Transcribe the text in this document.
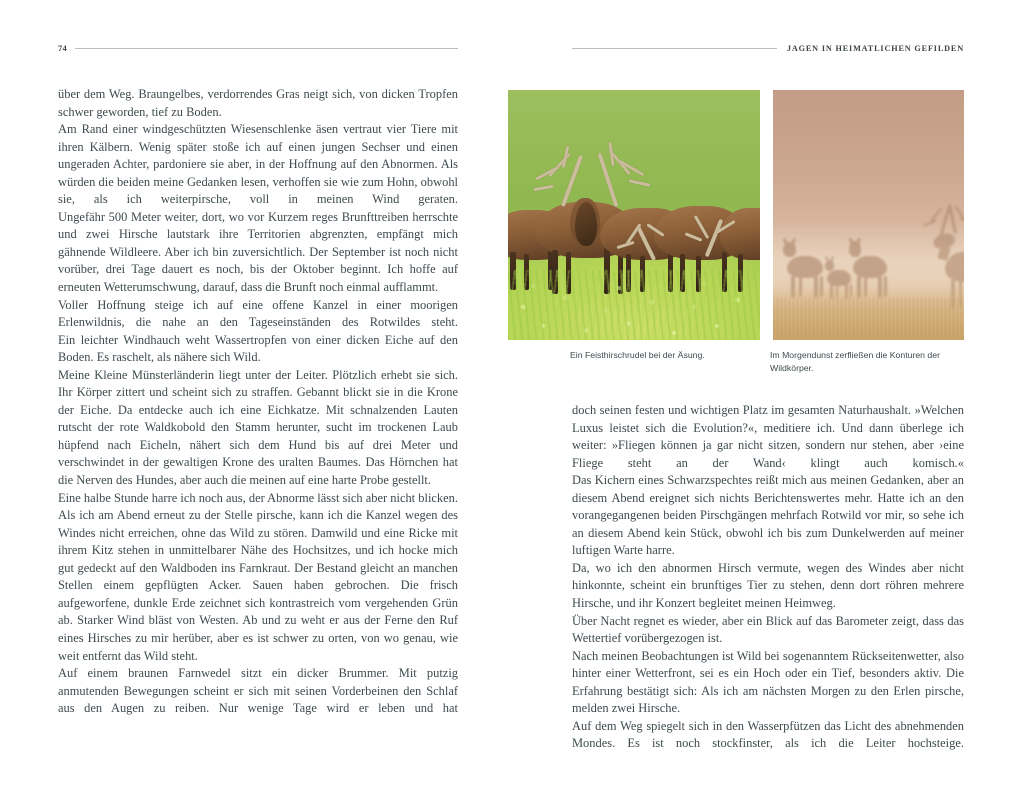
74	JAGEN IN HEIMATLICHEN GEFILDEN

über dem Weg. Braungelbes, verdorrendes Gras neigt sich, von dicken Tropfen schwer geworden, tief zu Boden.

Am Rand einer windgeschützten Wiesenschlenke äsen vertraut vier Tiere mit ihren Kälbern. Wenig später stoße ich auf einen jungen Sechser und einen ungeraden Achter, pardoniere sie aber, in der Hoffnung auf den Abnormen. Als würden die beiden meine Gedanken lesen, verhoffen sie wie zum Hohn, obwohl sie, als ich weiterpirsche, voll in meinen Wind geraten.

Ungefähr 500 Meter weiter, dort, wo vor Kurzem reges Brunfttreiben herrschte und zwei Hirsche lautstark ihre Territorien abgrenzten, empfängt mich gähnende Wildleere. Aber ich bin zuversichtlich. Der September ist noch nicht vorüber, drei Tage dauert es noch, bis der Oktober beginnt. Ich hoffe auf erneuten Wetterumschwung, darauf, dass die Brunft noch einmal aufflammt.

Voller Hoffnung steige ich auf eine offene Kanzel in einer moorigen Erlenwildnis, die nahe an den Tageseinständen des Rotwildes steht.

Ein leichter Windhauch weht Wassertropfen von einer dicken Eiche auf den Boden. Es raschelt, als nähere sich Wild.

Meine Kleine Münsterländerin liegt unter der Leiter. Plötzlich erhebt sie sich. Ihr Körper zittert und scheint sich zu straffen. Gebannt blickt sie in die Krone der Eiche. Da entdecke auch ich eine Eichkatze. Mit schnalzenden Lauten rutscht der rote Waldkobold den Stamm herunter, sucht im trockenen Laub hüpfend nach Eicheln, nähert sich dem Hund bis auf drei Meter und verschwindet in der gewaltigen Krone des uralten Baumes. Das Hörnchen hat die Nerven des Hundes, aber auch die meinen auf eine harte Probe gestellt.

Eine halbe Stunde harre ich noch aus, der Abnorme lässt sich aber nicht blicken. Als ich am Abend erneut zu der Stelle pirsche, kann ich die Kanzel wegen des Windes nicht erreichen, ohne das Wild zu stören. Damwild und eine Ricke mit ihrem Kitz stehen in unmittelbarer Nähe des Hochsitzes, und ich hocke mich gut gedeckt auf den Waldboden ins Farnkraut. Der Bestand gleicht an manchen Stellen einem gepflügten Acker. Sauen haben gebrochen. Die frisch aufgeworfene, dunkle Erde zeichnet sich kontrastreich vom vergehenden Grün ab. Starker Wind bläst von Westen. Ab und zu weht er aus der Ferne den Ruf eines Hirsches zu mir herüber, aber es ist schwer zu orten, von wo genau, wie weit entfernt das Wild steht.

Auf einem braunen Farnwedel sitzt ein dicker Brummer. Mit putzig anmutenden Bewegungen scheint er sich mit seinen Vorderbeinen den Schlaf aus den Augen zu reiben. Nur wenige Tage wird er leben und hat

Ein Feisthirschrudel bei der Äsung.	Im Morgendunst zerfließen die Konturen der Wildkörper.

doch seinen festen und wichtigen Platz im gesamten Naturhaushalt. »Welchen Luxus leistet sich die Evolution?«, meditiere ich. Und dann überlege ich weiter: »Fliegen können ja gar nicht sitzen, sondern nur stehen, aber ›eine Fliege steht an der Wand‹ klingt auch komisch.«

Das Kichern eines Schwarzspechtes reißt mich aus meinen Gedanken, aber an diesem Abend ereignet sich nichts Berichtenswertes mehr. Hatte ich an den vorangegangenen beiden Pirschgängen mehrfach Rotwild vor mir, so sehe ich an diesem Abend kein Stück, obwohl ich bis zum Dunkelwerden auf meiner luftigen Warte harre.

Da, wo ich den abnormen Hirsch vermute, wegen des Windes aber nicht hinkonnte, scheint ein brunftiges Tier zu stehen, denn dort röhren mehrere Hirsche, und ihr Konzert begleitet meinen Heimweg.

Über Nacht regnet es wieder, aber ein Blick auf das Barometer zeigt, dass das Wettertief vorübergezogen ist.

Nach meinen Beobachtungen ist Wild bei sogenanntem Rückseitenwetter, also hinter einer Wetterfront, sei es ein Hoch oder ein Tief, besonders aktiv. Die Erfahrung bestätigt sich: Als ich am nächsten Morgen zu den Erlen pirsche, melden zwei Hirsche.

Auf dem Weg spiegelt sich in den Wasserpfützen das Licht des abnehmenden Mondes. Es ist noch stockfinster, als ich die Leiter hochsteige.
